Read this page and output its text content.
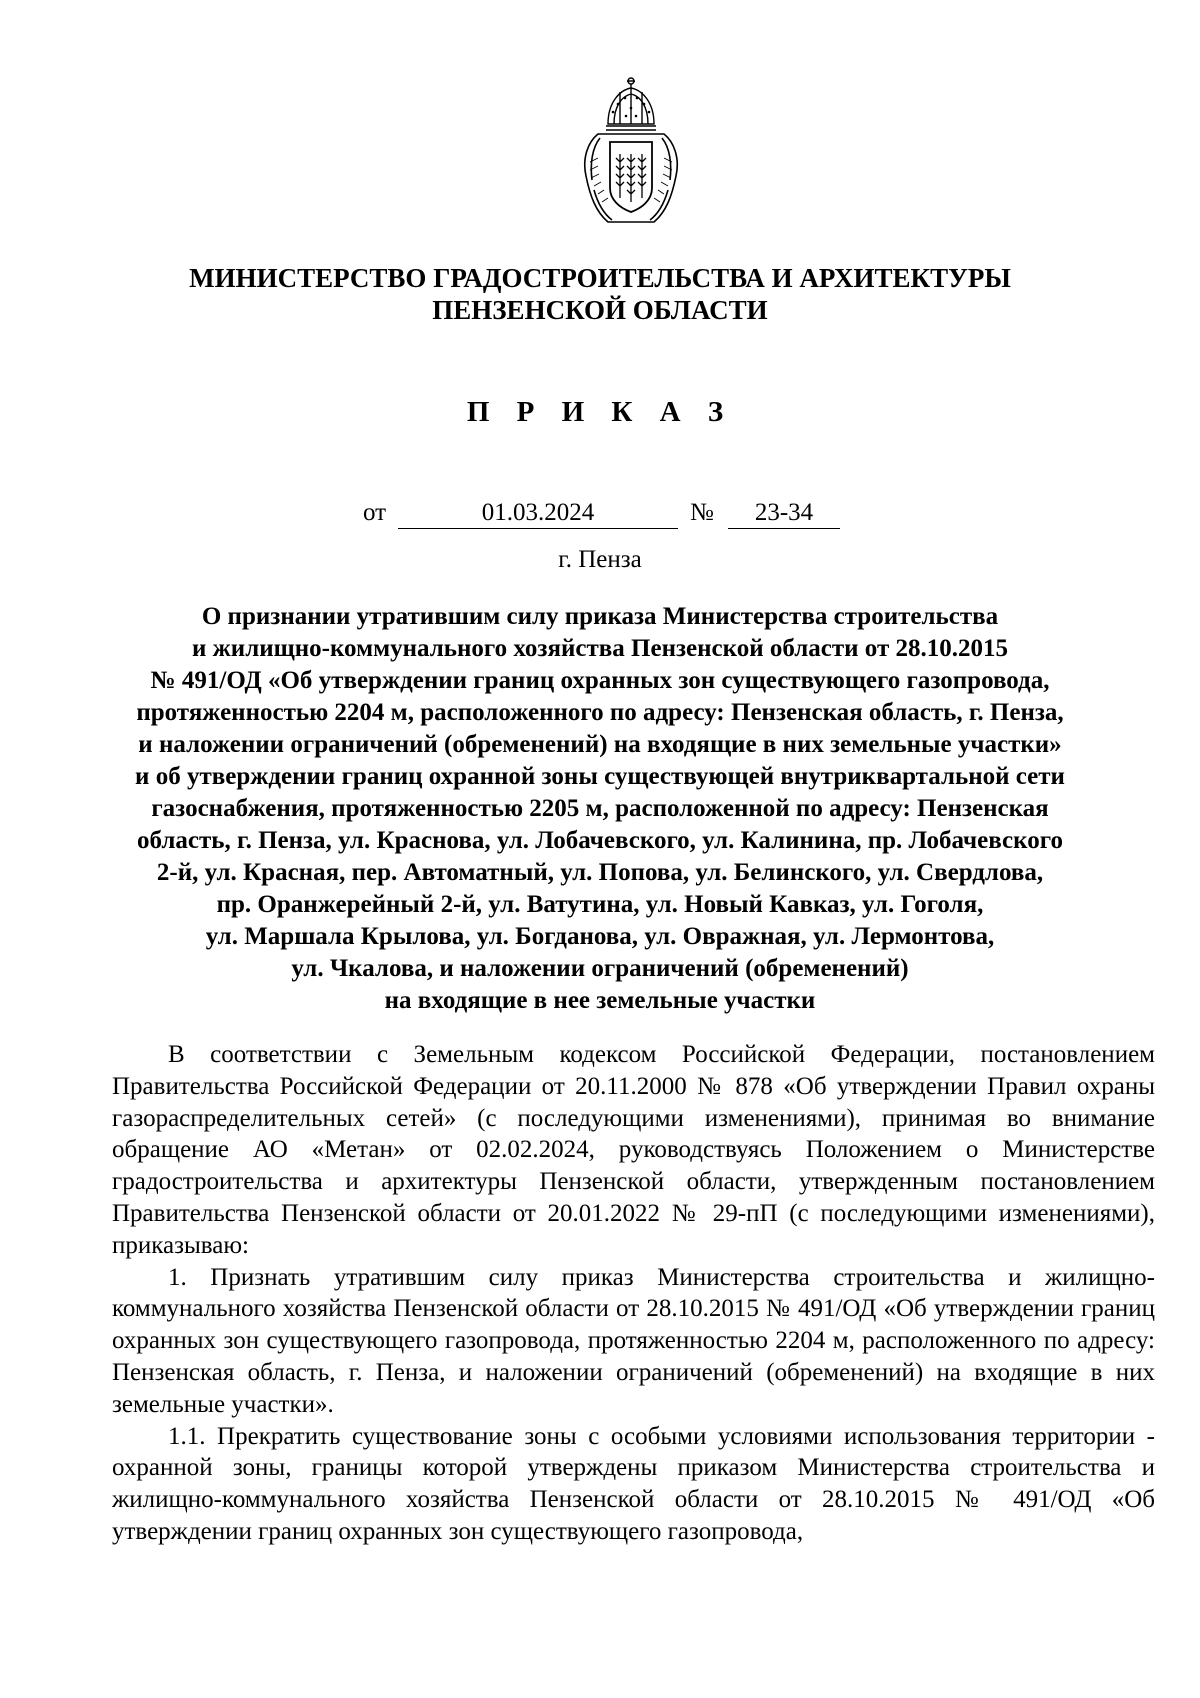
МИНИСТЕРСТВО ГРАДОСТРОИТЕЛЬСТВА И АРХИТЕКТУРЫ
ПЕНЗЕНСКОЙ ОБЛАСТИ
П Р И К А З
от	01.03.2024	№	23-34
г. Пенза
О признании утратившим силу приказа Министерства строительства
и жилищно-коммунального хозяйства Пензенской области от 28.10.2015
№ 491/ОД «Об утверждении границ охранных зон существующего газопровода,
протяженностью 2204 м, расположенного по адресу: Пензенская область, г. Пенза,
и наложении ограничений (обременений) на входящие в них земельные участки»
и об утверждении границ охранной зоны существующей внутриквартальной сети
газоснабжения, протяженностью 2205 м, расположенной по адресу: Пензенская
область, г. Пенза, ул. Краснова, ул. Лобачевского, ул. Калинина, пр. Лобачевского
2-й, ул. Красная, пер. Автоматный, ул. Попова, ул. Белинского, ул. Свердлова,
пр. Оранжерейный 2-й, ул. Ватутина, ул. Новый Кавказ, ул. Гоголя,
ул. Маршала Крылова, ул. Богданова, ул. Овражная, ул. Лермонтова,
ул. Чкалова, и наложении ограничений (обременений)
на входящие в нее земельные участки

В соответствии с Земельным кодексом Российской Федерации, постановлением Правительства Российской Федерации от 20.11.2000 № 878 «Об утверждении Правил охраны газораспределительных сетей» (с последующими изменениями), принимая во внимание обращение АО «Метан» от 02.02.2024, руководствуясь Положением о Министерстве градостроительства и архитектуры Пензенской области, утвержденным постановлением Правительства Пензенской области от 20.01.2022 № 29-пП (с последующими изменениями), приказываю:

1. Признать утратившим силу приказ Министерства строительства и жилищно-коммунального хозяйства Пензенской области от 28.10.2015 № 491/ОД «Об утверждении границ охранных зон существующего газопровода, протяженностью 2204 м, расположенного по адресу: Пензенская область, г. Пенза, и наложении ограничений (обременений) на входящие в них земельные участки».

1.1. Прекратить существование зоны с особыми условиями использования территории - охранной зоны, границы которой утверждены приказом Министерства строительства и жилищно-коммунального хозяйства Пензенской области от 28.10.2015 № 491/ОД «Об утверждении границ охранных зон существующего газопровода,
